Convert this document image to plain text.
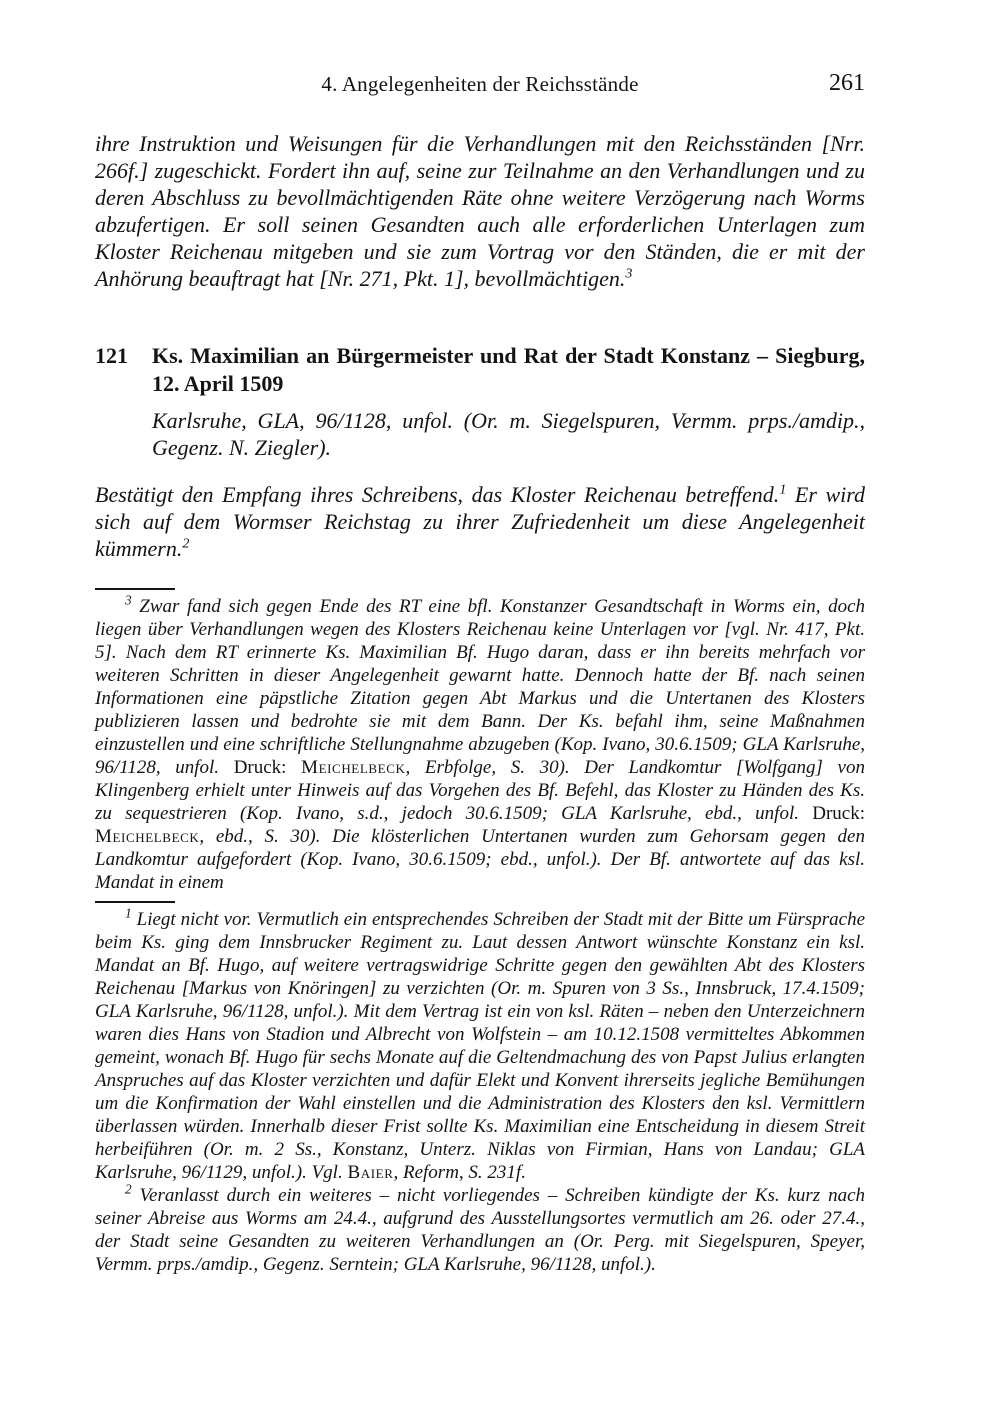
4. Angelegenheiten der Reichsstände	261

ihre Instruktion und Weisungen für die Verhandlungen mit den Reichsständen [Nrr. 266f.] zugeschickt. Fordert ihn auf, seine zur Teilnahme an den Verhandlungen und zu deren Abschluss zu bevollmächtigenden Räte ohne weitere Verzögerung nach Worms abzufertigen. Er soll seinen Gesandten auch alle erforderlichen Unterlagen zum Kloster Reichenau mitgeben und sie zum Vortrag vor den Ständen, die er mit der Anhörung beauftragt hat [Nr. 271, Pkt. 1], bevollmächtigen.$^3$

121	Ks. Maximilian an Bürgermeister und Rat der Stadt Konstanz – Siegburg,
12. April 1509

Karlsruhe, GLA, 96/1128, unfol. (Or. m. Siegelspuren, Vermm. prps./amdip., Gegenz. N. Ziegler).

Bestätigt den Empfang ihres Schreibens, das Kloster Reichenau betreffend.$^1$ Er wird sich auf dem Wormser Reichstag zu ihrer Zufriedenheit um diese Angelegenheit kümmern.$^2$

$^3$ Zwar fand sich gegen Ende des RT eine bfl. Konstanzer Gesandtschaft in Worms ein, doch liegen über Verhandlungen wegen des Klosters Reichenau keine Unterlagen vor [vgl. Nr. 417, Pkt. 5]. Nach dem RT erinnerte Ks. Maximilian Bf. Hugo daran, dass er ihn bereits mehrfach vor weiteren Schritten in dieser Angelegenheit gewarnt hatte. Dennoch hatte der Bf. nach seinen Informationen eine päpstliche Zitation gegen Abt Markus und die Untertanen des Klosters publizieren lassen und bedrohte sie mit dem Bann. Der Ks. befahl ihm, seine Maßnahmen einzustellen und eine schriftliche Stellungnahme abzugeben (Kop. Ivano, 30.6.1509; GLA Karlsruhe, 96/1128, unfol. Druck: Meichelbeck, Erbfolge, S. 30). Der Landkomtur [Wolfgang] von Klingenberg erhielt unter Hinweis auf das Vorgehen des Bf. Befehl, das Kloster zu Händen des Ks. zu sequestrieren (Kop. Ivano, s.d., jedoch 30.6.1509; GLA Karlsruhe, ebd., unfol. Druck: Meichelbeck, ebd., S. 30). Die klösterlichen Untertanen wurden zum Gehorsam gegen den Landkomtur aufgefordert (Kop. Ivano, 30.6.1509; ebd., unfol.). Der Bf. antwortete auf das ksl. Mandat in einem

$^1$ Liegt nicht vor. Vermutlich ein entsprechendes Schreiben der Stadt mit der Bitte um Fürsprache beim Ks. ging dem Innsbrucker Regiment zu. Laut dessen Antwort wünschte Konstanz ein ksl. Mandat an Bf. Hugo, auf weitere vertragswidrige Schritte gegen den gewählten Abt des Klosters Reichenau [Markus von Knöringen] zu verzichten (Or. m. Spuren von 3 Ss., Innsbruck, 17.4.1509; GLA Karlsruhe, 96/1128, unfol.). Mit dem Vertrag ist ein von ksl. Räten – neben den Unterzeichnern waren dies Hans von Stadion und Albrecht von Wolfstein – am 10.12.1508 vermitteltes Abkommen gemeint, wonach Bf. Hugo für sechs Monate auf die Geltendmachung des von Papst Julius erlangten Anspruches auf das Kloster verzichten und dafür Elekt und Konvent ihrerseits jegliche Bemühungen um die Konfirmation der Wahl einstellen und die Administration des Klosters den ksl. Vermittlern überlassen würden. Innerhalb dieser Frist sollte Ks. Maximilian eine Entscheidung in diesem Streit herbeiführen (Or. m. 2 Ss., Konstanz, Unterz. Niklas von Firmian, Hans von Landau; GLA Karlsruhe, 96/1129, unfol.). Vgl. Baier, Reform, S. 231f.

$^2$ Veranlasst durch ein weiteres – nicht vorliegendes – Schreiben kündigte der Ks. kurz nach seiner Abreise aus Worms am 24.4., aufgrund des Ausstellungsortes vermutlich am 26. oder 27.4., der Stadt seine Gesandten zu weiteren Verhandlungen an (Or. Perg. mit Siegelspuren, Speyer, Vermm. prps./amdip., Gegenz. Serntein; GLA Karlsruhe, 96/1128, unfol.).
